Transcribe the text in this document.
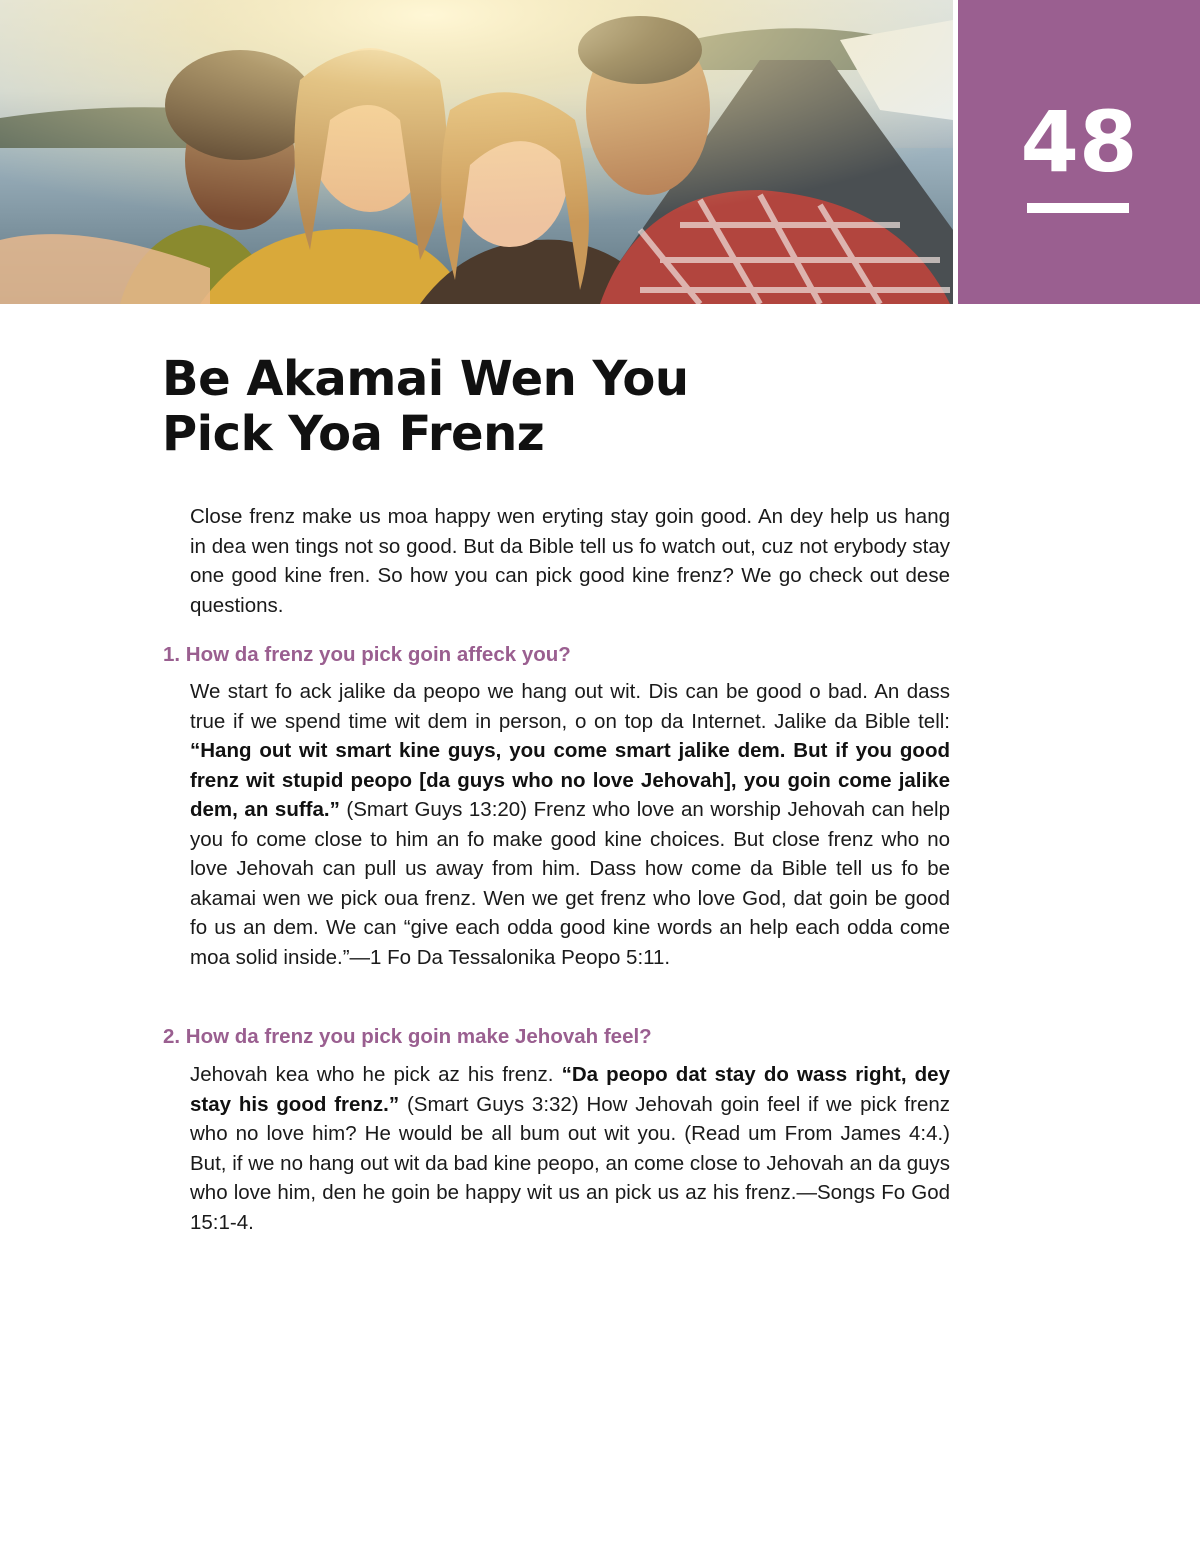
48
Be Akamai Wen You
Pick Yoa Frenz

Close frenz make us moa happy wen eryting stay goin good. An dey help us hang in dea wen tings not so good. But da Bible tell us fo watch out, cuz not erybody stay one good kine fren. So how you can pick good kine frenz? We go check out dese questions.

1. How da frenz you pick goin affeck you?

We start fo ack jalike da peopo we hang out wit. Dis can be good o bad. An dass true if we spend time wit dem in person, o on top da Internet. Jalike da Bible tell: “Hang out wit smart kine guys, you come smart jalike dem. But if you good frenz wit stupid peopo [da guys who no love Jehovah], you goin come jalike dem, an suffa.” (Smart Guys 13:20) Frenz who love an worship Jehovah can help you fo come close to him an fo make good kine choices. But close frenz who no love Jehovah can pull us away from him. Dass how come da Bible tell us fo be akamai wen we pick oua frenz. Wen we get frenz who love God, dat goin be good fo us an dem. We can “give each odda good kine words an help each odda come moa solid inside.”—1 Fo Da Tessalonika Peopo 5:11.

2. How da frenz you pick goin make Jehovah feel?

Jehovah kea who he pick az his frenz. “Da peopo dat stay do wass right, dey stay his good frenz.” (Smart Guys 3:32) How Jehovah goin feel if we pick frenz who no love him? He would be all bum out wit you. (Read um From James 4:4.) But, if we no hang out wit da bad kine peopo, an come close to Jehovah an da guys who love him, den he goin be happy wit us an pick us az his frenz.—Songs Fo God 15:1-4.
